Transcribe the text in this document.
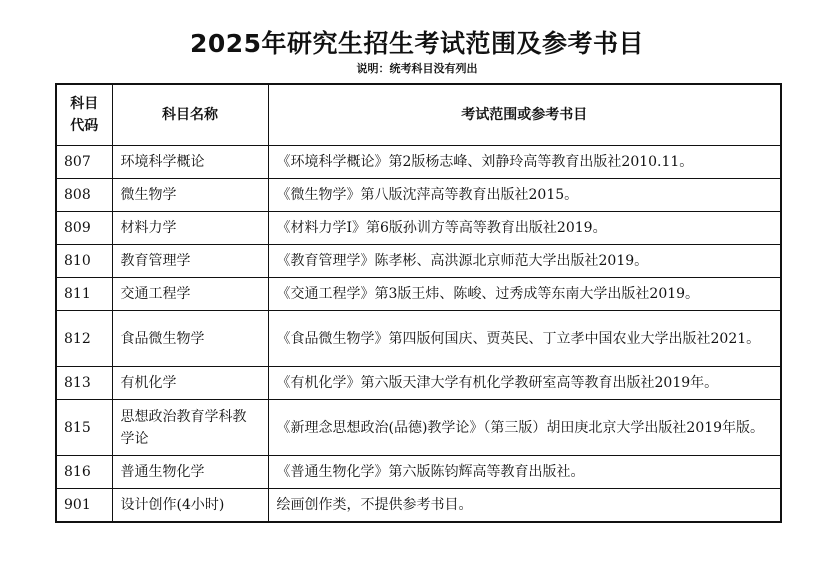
2025年研究生招生考试范围及参考书目
说明：统考科目没有列出
科目
代码	科目名称	考试范围或参考书目
807	环境科学概论	《环境科学概论》第2版杨志峰、刘静玲高等教育出版社2010.11。
808	微生物学	《微生物学》第八版沈萍高等教育出版社2015。
809	材料力学	《材料力学Ⅰ》第6版孙训方等高等教育出版社2019。
810	教育管理学	《教育管理学》陈孝彬、高洪源北京师范大学出版社2019。
811	交通工程学	《交通工程学》第3版王炜、陈峻、过秀成等东南大学出版社2019。
812	食品微生物学	《食品微生物学》第四版何国庆、贾英民、丁立孝中国农业大学出版社2021。
813	有机化学	《有机化学》第六版天津大学有机化学教研室高等教育出版社2019年。
815	思想政治教育学科教学论	《新理念思想政治(品德)教学论》（第三版）胡田庚北京大学出版社2019年版。
816	普通生物化学	《普通生物化学》第六版陈钧辉高等教育出版社。
901	设计创作(4小时)	绘画创作类，不提供参考书目。
